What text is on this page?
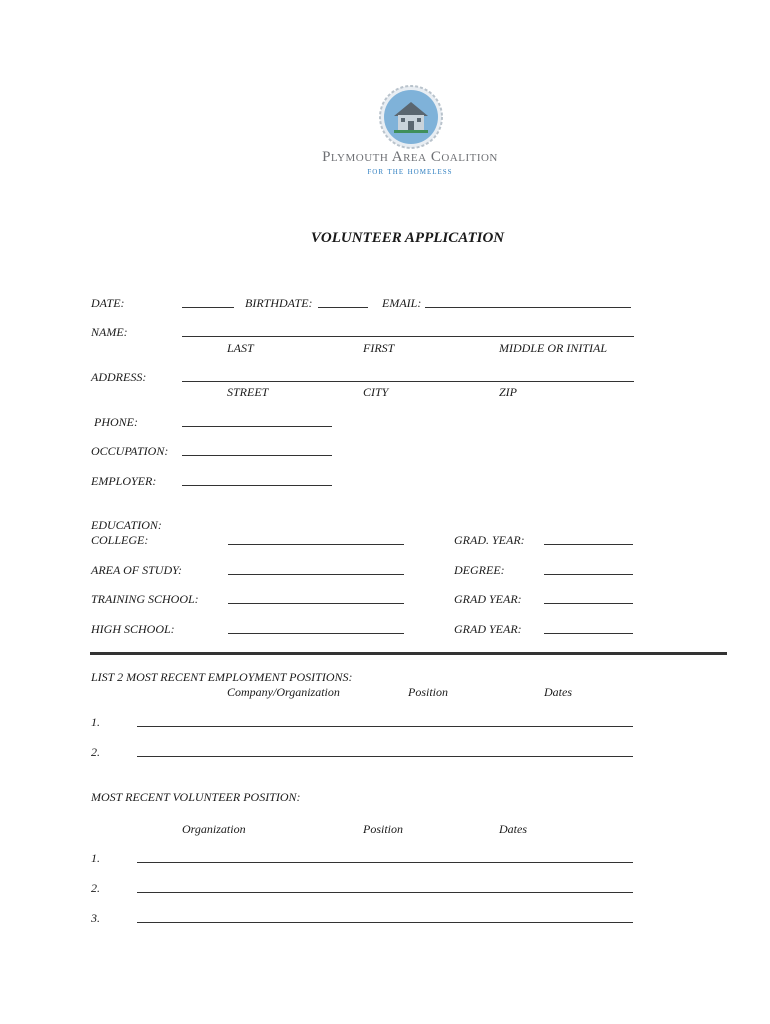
Plymouth Area Coalition
for the homeless
VOLUNTEER APPLICATION
DATE:	BIRTHDATE:	EMAIL:
NAME:
LAST	FIRST	MIDDLE OR INITIAL
ADDRESS:
STREET	CITY	ZIP
PHONE:
OCCUPATION:
EMPLOYER:
EDUCATION:
COLLEGE:	GRAD. YEAR:
AREA OF STUDY:	DEGREE:
TRAINING SCHOOL:	GRAD YEAR:
HIGH SCHOOL:	GRAD YEAR:
LIST 2 MOST RECENT EMPLOYMENT POSITIONS:
Company/Organization	Position	Dates
1.
2.
MOST RECENT VOLUNTEER POSITION:
Organization	Position	Dates
1.
2.
3.
